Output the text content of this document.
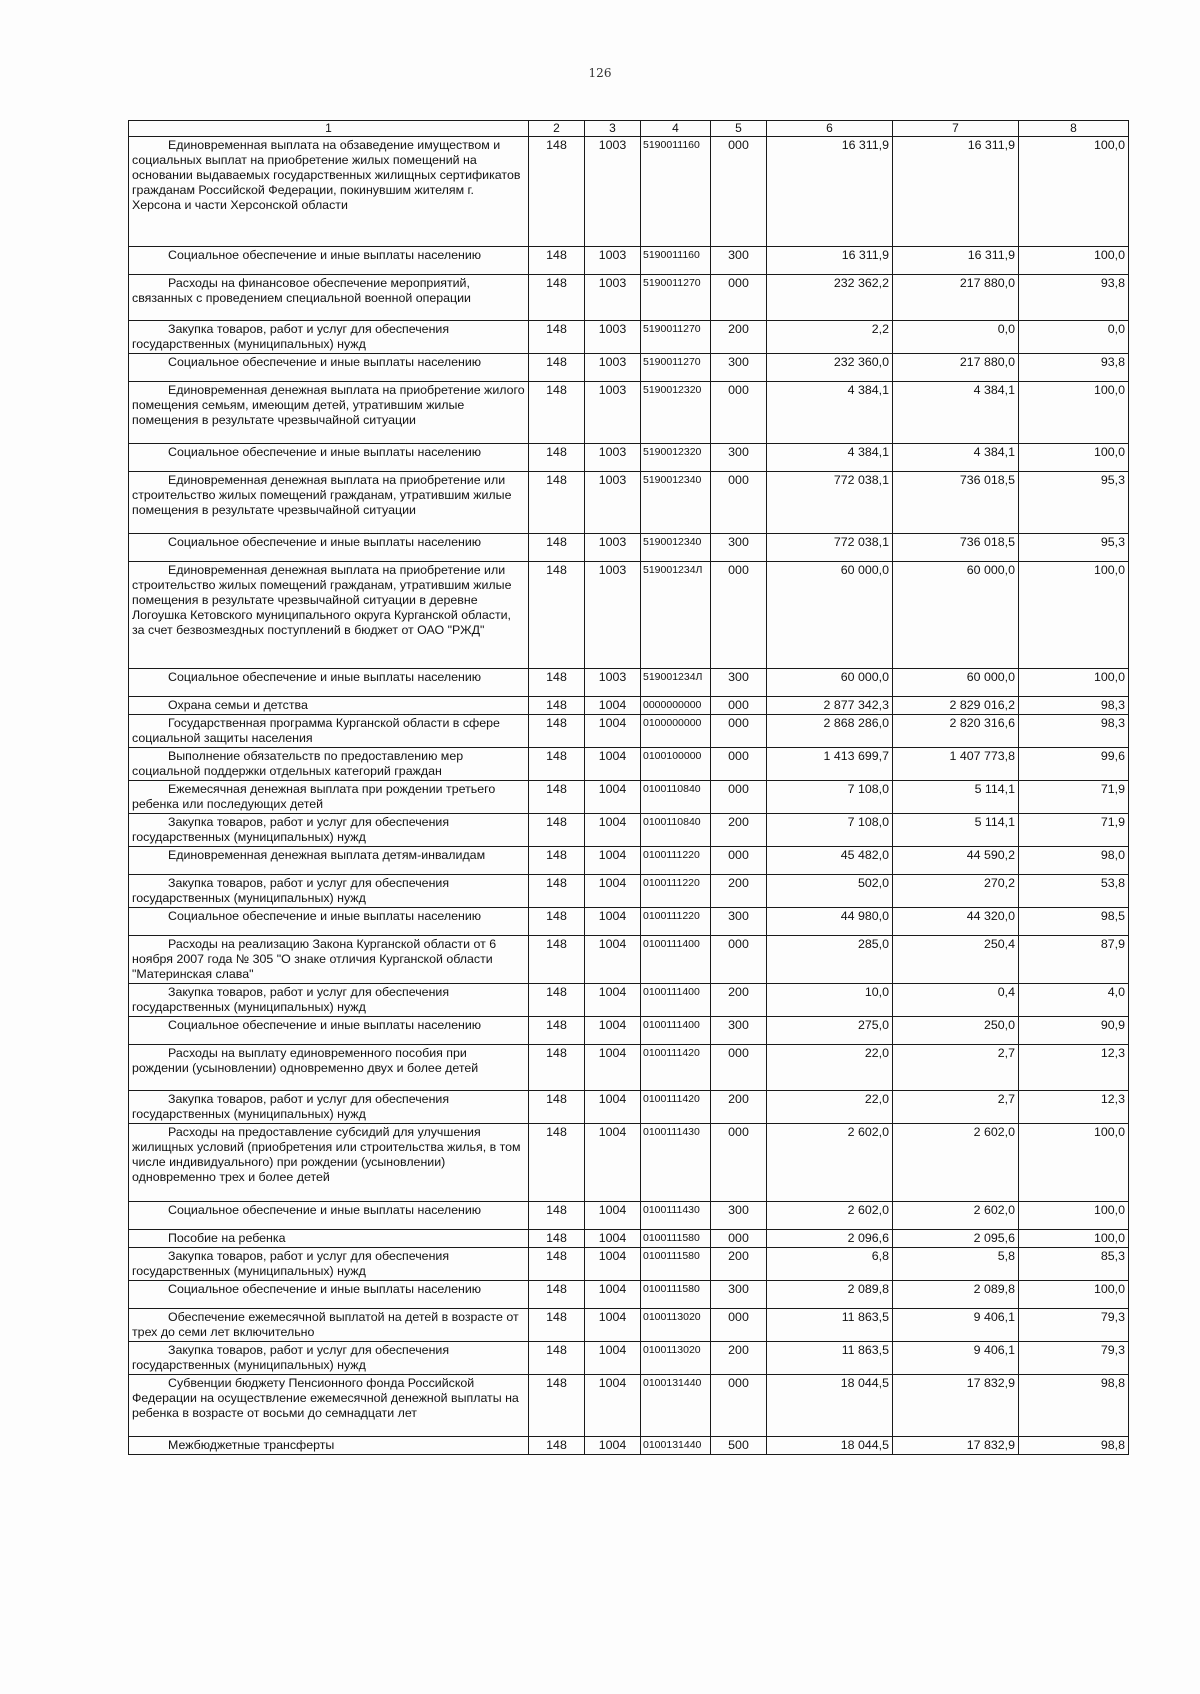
126
1	2	3	4	5	6	7	8

Единовременная выплата на обзаведение имуществом и социальных выплат на приобретение жилых помещений на основании выдаваемых государственных жилищных сертификатов гражданам Российской Федерации, покинувшим жителям г. Херсона и части Херсонской области	148	1003	5190011160	000	16 311,9	16 311,9	100,0

Социальное обеспечение и иные выплаты населению	148	1003	5190011160	300	16 311,9	16 311,9	100,0

Расходы на финансовое обеспечение мероприятий, связанных с проведением специальной военной операции	148	1003	5190011270	000	232 362,2	217 880,0	93,8

Закупка товаров, работ и услуг для обеспечения государственных (муниципальных) нужд	148	1003	5190011270	200	2,2	0,0	0,0

Социальное обеспечение и иные выплаты населению	148	1003	5190011270	300	232 360,0	217 880,0	93,8

Единовременная денежная выплата на приобретение жилого помещения семьям, имеющим детей, утратившим жилые помещения в результате чрезвычайной ситуации	148	1003	5190012320	000	4 384,1	4 384,1	100,0

Социальное обеспечение и иные выплаты населению	148	1003	5190012320	300	4 384,1	4 384,1	100,0

Единовременная денежная выплата на приобретение или строительство жилых помещений гражданам, утратившим жилые помещения в результате чрезвычайной ситуации	148	1003	5190012340	000	772 038,1	736 018,5	95,3

Социальное обеспечение и иные выплаты населению	148	1003	5190012340	300	772 038,1	736 018,5	95,3

Единовременная денежная выплата на приобретение или строительство жилых помещений гражданам, утратившим жилые помещения в результате чрезвычайной ситуации в деревне Логоушка Кетовского муниципального округа Курганской области, за счет безвозмездных поступлений в бюджет от ОАО "РЖД"	148	1003	519001234Л	000	60 000,0	60 000,0	100,0

Социальное обеспечение и иные выплаты населению	148	1003	519001234Л	300	60 000,0	60 000,0	100,0

Охрана семьи и детства	148	1004	0000000000	000	2 877 342,3	2 829 016,2	98,3

Государственная программа Курганской области в сфере социальной защиты населения	148	1004	0100000000	000	2 868 286,0	2 820 316,6	98,3

Выполнение обязательств по предоставлению мер социальной поддержки отдельных категорий граждан	148	1004	0100100000	000	1 413 699,7	1 407 773,8	99,6

Ежемесячная денежная выплата при рождении третьего ребенка или последующих детей	148	1004	0100110840	000	7 108,0	5 114,1	71,9

Закупка товаров, работ и услуг для обеспечения государственных (муниципальных) нужд	148	1004	0100110840	200	7 108,0	5 114,1	71,9

Единовременная денежная выплата детям-инвалидам	148	1004	0100111220	000	45 482,0	44 590,2	98,0

Закупка товаров, работ и услуг для обеспечения государственных (муниципальных) нужд	148	1004	0100111220	200	502,0	270,2	53,8

Социальное обеспечение и иные выплаты населению	148	1004	0100111220	300	44 980,0	44 320,0	98,5

Расходы на реализацию Закона Курганской области от 6 ноября 2007 года № 305 "О знаке отличия Курганской области "Материнская слава"	148	1004	0100111400	000	285,0	250,4	87,9

Закупка товаров, работ и услуг для обеспечения государственных (муниципальных) нужд	148	1004	0100111400	200	10,0	0,4	4,0

Социальное обеспечение и иные выплаты населению	148	1004	0100111400	300	275,0	250,0	90,9

Расходы на выплату единовременного пособия при рождении (усыновлении) одновременно двух и более детей	148	1004	0100111420	000	22,0	2,7	12,3

Закупка товаров, работ и услуг для обеспечения государственных (муниципальных) нужд	148	1004	0100111420	200	22,0	2,7	12,3

Расходы на предоставление субсидий для улучшения жилищных условий (приобретения или строительства жилья, в том числе индивидуального) при рождении (усыновлении) одновременно трех и более детей	148	1004	0100111430	000	2 602,0	2 602,0	100,0

Социальное обеспечение и иные выплаты населению	148	1004	0100111430	300	2 602,0	2 602,0	100,0

Пособие на ребенка	148	1004	0100111580	000	2 096,6	2 095,6	100,0

Закупка товаров, работ и услуг для обеспечения государственных (муниципальных) нужд	148	1004	0100111580	200	6,8	5,8	85,3

Социальное обеспечение и иные выплаты населению	148	1004	0100111580	300	2 089,8	2 089,8	100,0

Обеспечение ежемесячной выплатой на детей в возрасте от трех до семи лет включительно	148	1004	0100113020	000	11 863,5	9 406,1	79,3

Закупка товаров, работ и услуг для обеспечения государственных (муниципальных) нужд	148	1004	0100113020	200	11 863,5	9 406,1	79,3

Субвенции бюджету Пенсионного фонда Российской Федерации на осуществление ежемесячной денежной выплаты на ребенка в возрасте от восьми до семнадцати лет	148	1004	0100131440	000	18 044,5	17 832,9	98,8

Межбюджетные трансферты	148	1004	0100131440	500	18 044,5	17 832,9	98,8
